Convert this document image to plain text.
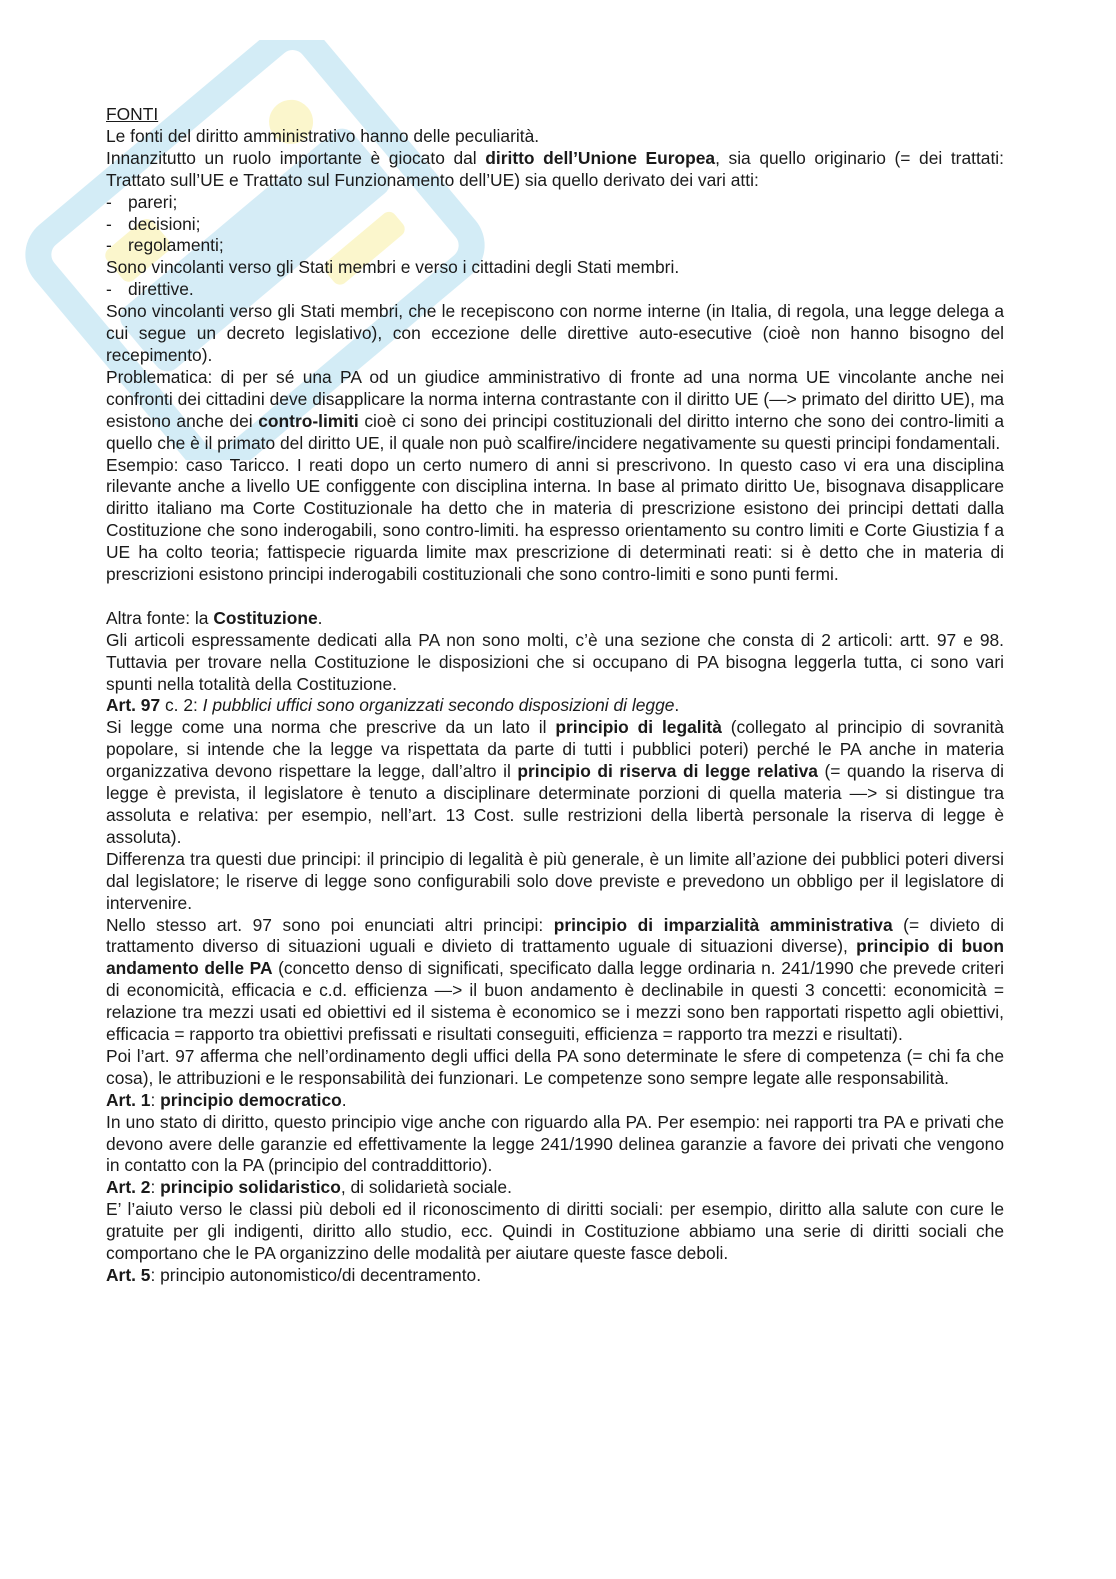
FONTI

Le fonti del diritto amministrativo hanno delle peculiarità.

Innanzitutto un ruolo importante è giocato dal diritto dell’Unione Europea, sia quello originario (= dei trattati: Trattato sull’UE e Trattato sul Funzionamento dell’UE) sia quello derivato dei vari atti:

- pareri;
- decisioni;
- regolamenti;

Sono vincolanti verso gli Stati membri e verso i cittadini degli Stati membri.

- direttive.

Sono vincolanti verso gli Stati membri, che le recepiscono con norme interne (in Italia, di regola, una legge delega a cui segue un decreto legislativo), con eccezione delle direttive auto-esecutive (cioè non hanno bisogno del recepimento).

Problematica: di per sé una PA od un giudice amministrativo di fronte ad una norma UE vincolante anche nei confronti dei cittadini deve disapplicare la norma interna contrastante con il diritto UE (—> primato del diritto UE), ma esistono anche dei contro-limiti cioè ci sono dei principi costituzionali del diritto interno che sono dei contro-limiti a quello che è il primato del diritto UE, il quale non può scalfire/incidere negativamente su questi principi fondamentali.

Esempio: caso Taricco. I reati dopo un certo numero di anni si prescrivono. In questo caso vi era una disciplina rilevante anche a livello UE configgente con disciplina interna. In base al primato diritto Ue, bisognava disapplicare diritto italiano ma Corte Costituzionale ha detto che in materia di prescrizione esistono dei principi dettati dalla Costituzione che sono inderogabili, sono contro-limiti. ha espresso orientamento su contro limiti e Corte Giustizia f a UE ha colto teoria; fattispecie riguarda limite max prescrizione di determinati reati: si è detto che in materia di prescrizioni esistono principi inderogabili costituzionali che sono contro-limiti e sono punti fermi.

Altra fonte: la Costituzione.

Gli articoli espressamente dedicati alla PA non sono molti, c’è una sezione che consta di 2 articoli: artt. 97 e 98. Tuttavia per trovare nella Costituzione le disposizioni che si occupano di PA bisogna leggerla tutta, ci sono vari spunti nella totalità della Costituzione.

Art. 97 c. 2: I pubblici uffici sono organizzati secondo disposizioni di legge.

Si legge come una norma che prescrive da un lato il principio di legalità (collegato al principio di sovranità popolare, si intende che la legge va rispettata da parte di tutti i pubblici poteri) perché le PA anche in materia organizzativa devono rispettare la legge, dall’altro il principio di riserva di legge relativa (= quando la riserva di legge è prevista, il legislatore è tenuto a disciplinare determinate porzioni di quella materia —> si distingue tra assoluta e relativa: per esempio, nell’art. 13 Cost. sulle restrizioni della libertà personale la riserva di legge è assoluta).

Differenza tra questi due principi: il principio di legalità è più generale, è un limite all’azione dei pubblici poteri diversi dal legislatore; le riserve di legge sono configurabili solo dove previste e prevedono un obbligo per il legislatore di intervenire.

Nello stesso art. 97 sono poi enunciati altri principi: principio di imparzialità amministrativa (= divieto di trattamento diverso di situazioni uguali e divieto di trattamento uguale di situazioni diverse), principio di buon andamento delle PA (concetto denso di significati, specificato dalla legge ordinaria n. 241/1990 che prevede criteri di economicità, efficacia e c.d. efficienza —> il buon andamento è declinabile in questi 3 concetti: economicità = relazione tra mezzi usati ed obiettivi ed il sistema è economico se i mezzi sono ben rapportati rispetto agli obiettivi, efficacia = rapporto tra obiettivi prefissati e risultati conseguiti, efficienza = rapporto tra mezzi e risultati).

Poi l’art. 97 afferma che nell’ordinamento degli uffici della PA sono determinate le sfere di competenza (= chi fa che cosa), le attribuzioni e le responsabilità dei funzionari. Le competenze sono sempre legate alle responsabilità.

Art. 1: principio democratico.

In uno stato di diritto, questo principio vige anche con riguardo alla PA. Per esempio: nei rapporti tra PA e privati che devono avere delle garanzie ed effettivamente la legge 241/1990 delinea garanzie a favore dei privati che vengono in contatto con la PA (principio del contraddittorio).

Art. 2: principio solidaristico, di solidarietà sociale.

E’ l’aiuto verso le classi più deboli ed il riconoscimento di diritti sociali: per esempio, diritto alla salute con cure le gratuite per gli indigenti, diritto allo studio, ecc. Quindi in Costituzione abbiamo una serie di diritti sociali che comportano che le PA organizzino delle modalità per aiutare queste fasce deboli.

Art. 5: principio autonomistico/di decentramento.
